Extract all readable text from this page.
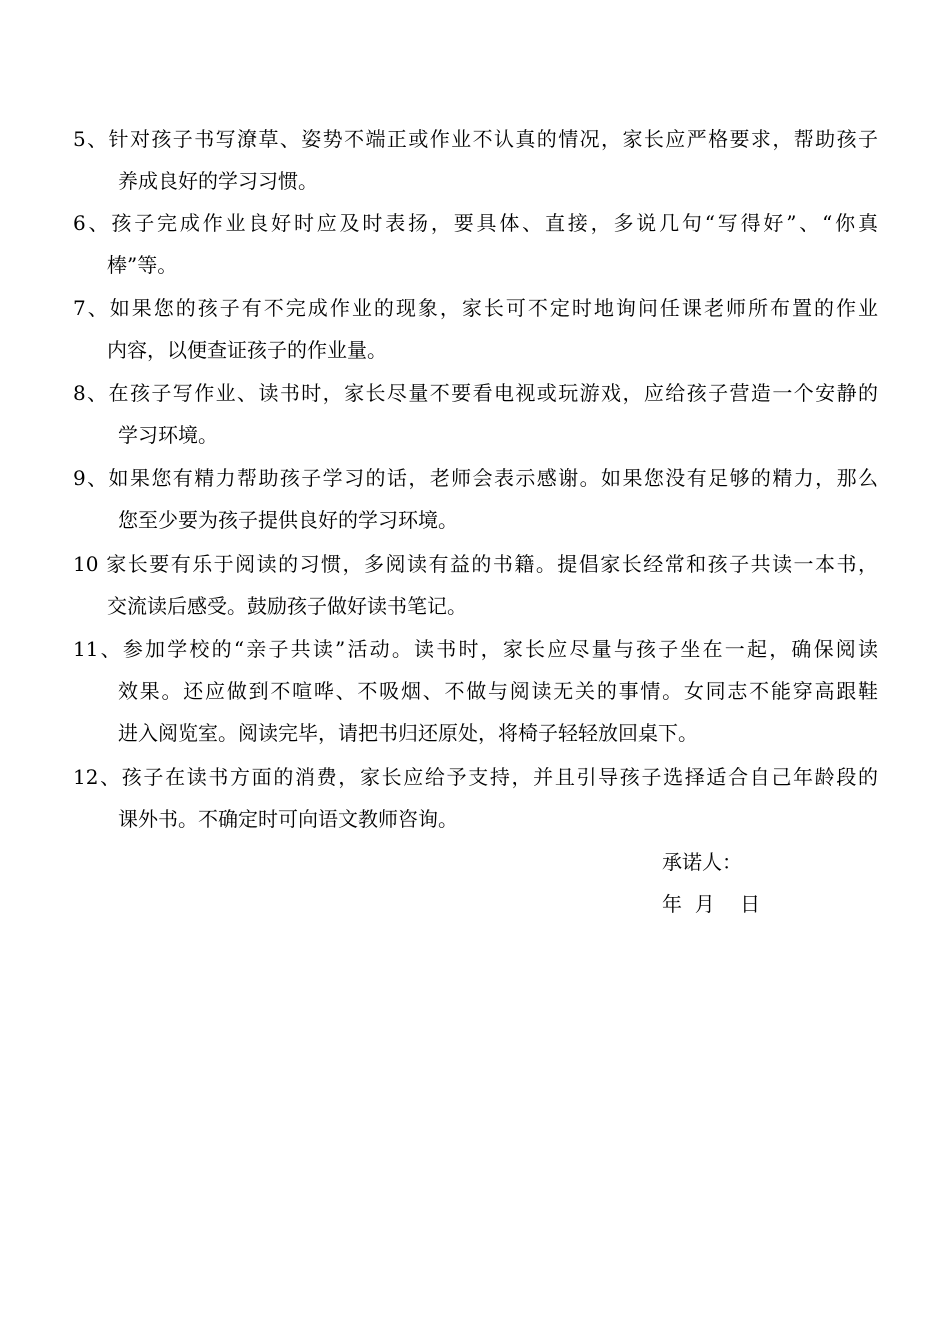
5、针对孩子书写潦草、姿势不端正或作业不认真的情况，家长应严格要求，帮助孩子
养成良好的学习习惯。
6、孩子完成作业良好时应及时表扬，要具体、直接，多说几句“写得好”、“你真
棒”等。
7、如果您的孩子有不完成作业的现象，家长可不定时地询问任课老师所布置的作业
内容，以便查证孩子的作业量。
8、在孩子写作业、读书时，家长尽量不要看电视或玩游戏，应给孩子营造一个安静的
学习环境。
9、如果您有精力帮助孩子学习的话，老师会表示感谢。如果您没有足够的精力，那么
您至少要为孩子提供良好的学习环境。
10 家长要有乐于阅读的习惯，多阅读有益的书籍。提倡家长经常和孩子共读一本书，
交流读后感受。鼓励孩子做好读书笔记。
11、参加学校的“亲子共读”活动。读书时，家长应尽量与孩子坐在一起，确保阅读
效果。还应做到不喧哗、不吸烟、不做与阅读无关的事情。女同志不能穿高跟鞋
进入阅览室。阅读完毕，请把书归还原处，将椅子轻轻放回桌下。
12、孩子在读书方面的消费，家长应给予支持，并且引导孩子选择适合自己年龄段的
课外书。不确定时可向语文教师咨询。
承诺人：
年  月    日
